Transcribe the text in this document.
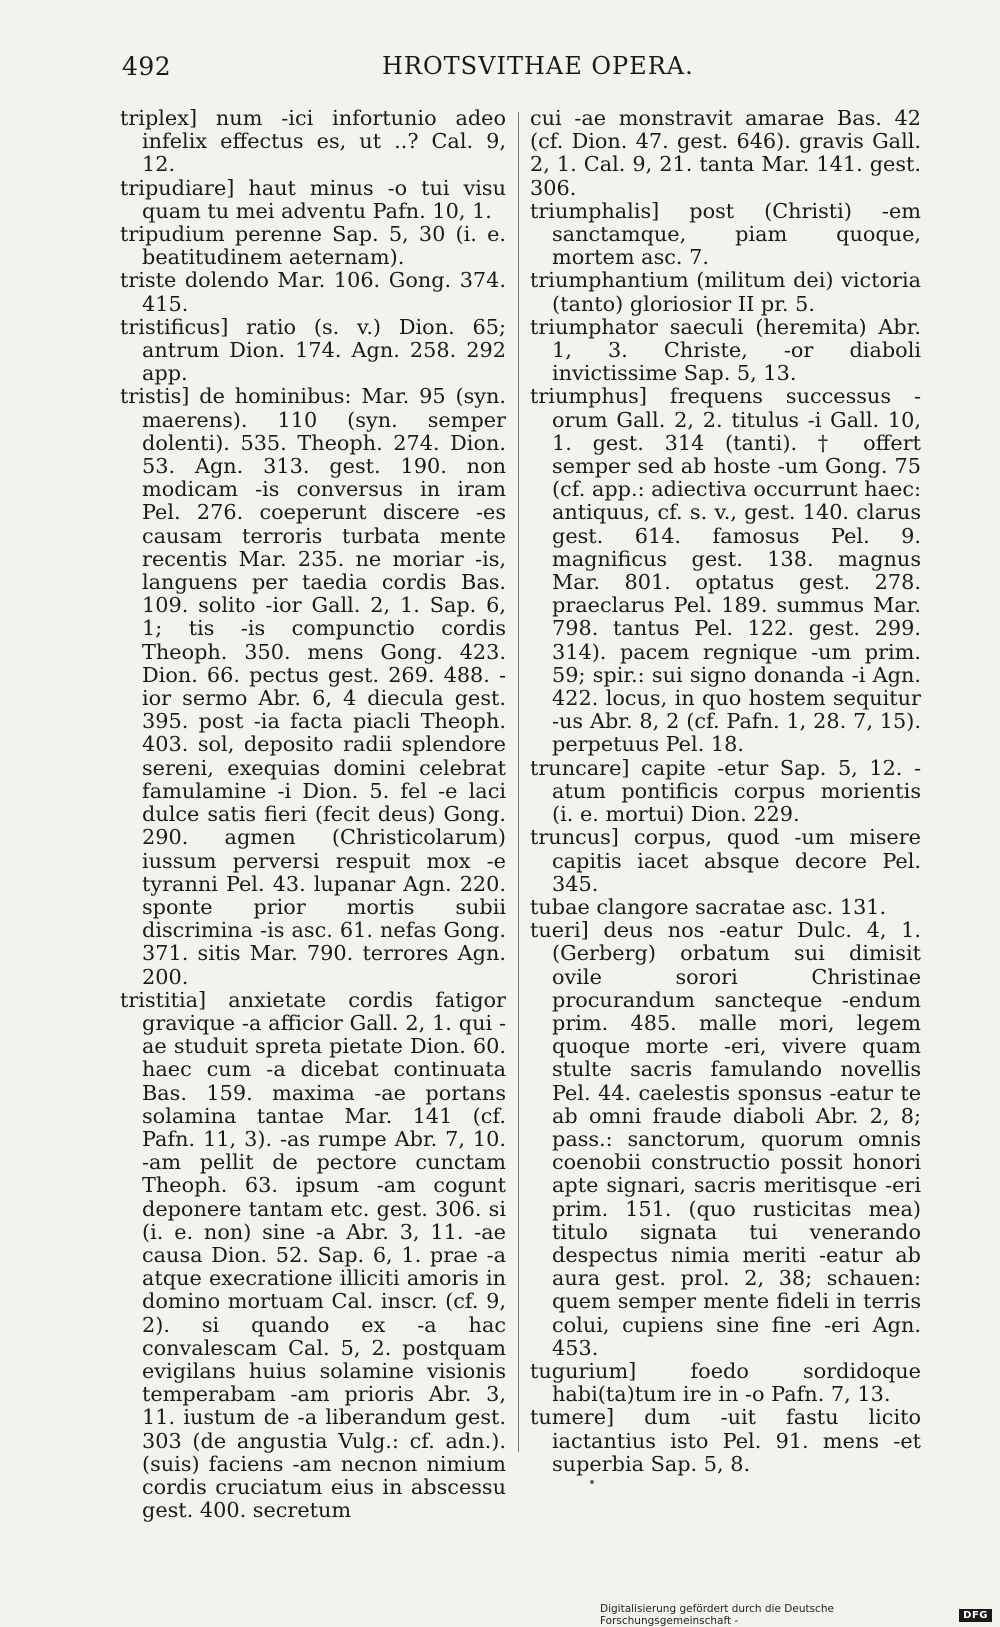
492	HROTSVITHAE OPERA.

triplex] num -ici infortunio adeo infelix effectus es, ut ..? Cal. 9, 12.

tripudiare] haut minus -o tui visu quam tu mei adventu Pafn. 10, 1.

tripudium perenne Sap. 5, 30 (i. e. beatitudinem aeternam).

triste dolendo Mar. 106. Gong. 374. 415.

tristificus] ratio (s. v.) Dion. 65; antrum Dion. 174. Agn. 258. 292 app.

tristis] de hominibus: Mar. 95 (syn. maerens). 110 (syn. semper dolenti). 535. Theoph. 274. Dion. 53. Agn. 313. gest. 190. non modicam -is conversus in iram Pel. 276. coeperunt discere -es causam terroris turbata mente recentis Mar. 235. ne moriar -is, languens per taedia cordis Bas. 109. solito -ior Gall. 2, 1. Sap. 6, 1; tis -is compunctio cordis Theoph. 350. mens Gong. 423. Dion. 66. pectus gest. 269. 488. -ior sermo Abr. 6, 4 diecula gest. 395. post -ia facta piacli Theoph. 403. sol, deposito radii splendore sereni, exequias domini celebrat famulamine -i Dion. 5. fel -e laci dulce satis fieri (fecit deus) Gong. 290. agmen (Christicolarum) iussum perversi respuit mox -e tyranni Pel. 43. lupanar Agn. 220. sponte prior mortis subii discrimina -is asc. 61. nefas Gong. 371. sitis Mar. 790. terrores Agn. 200.

tristitia] anxietate cordis fatigor gravique -a afficior Gall. 2, 1. qui -ae studuit spreta pietate Dion. 60. haec cum -a dicebat continuata Bas. 159. maxima -ae portans solamina tantae Mar. 141 (cf. Pafn. 11, 3). -as rumpe Abr. 7, 10. -am pellit de pectore cunctam Theoph. 63. ipsum -am cogunt deponere tantam etc. gest. 306. si (i. e. non) sine -a Abr. 3, 11. -ae causa Dion. 52. Sap. 6, 1. prae -a atque execratione illiciti amoris in domino mortuam Cal. inscr. (cf. 9, 2). si quando ex -a hac convalescam Cal. 5, 2. postquam evigilans huius solamine visionis temperabam -am prioris Abr. 3, 11. iustum de -a liberandum gest. 303 (de angustia Vulg.: cf. adn.). (suis) faciens -am necnon nimium cordis cruciatum eius in abscessu gest. 400. secretum

cui -ae monstravit amarae Bas. 42 (cf. Dion. 47. gest. 646). gravis Gall. 2, 1. Cal. 9, 21. tanta Mar. 141. gest. 306.

triumphalis] post (Christi) -em sanctamque, piam quoque, mortem asc. 7.

triumphantium (militum dei) victoria (tanto) gloriosior II pr. 5.

triumphator saeculi (heremita) Abr. 1, 3. Christe, -or diaboli invictissime Sap. 5, 13.

triumphus] frequens successus -orum Gall. 2, 2. titulus -i Gall. 10, 1. gest. 314 (tanti). † offert semper sed ab hoste -um Gong. 75 (cf. app.: adiectiva occurrunt haec: antiquus, cf. s. v., gest. 140. clarus gest. 614. famosus Pel. 9. magnificus gest. 138. magnus Mar. 801. optatus gest. 278. praeclarus Pel. 189. summus Mar. 798. tantus Pel. 122. gest. 299. 314). pacem regnique -um prim. 59; spir.: sui signo donanda -i Agn. 422. locus, in quo hostem sequitur -us Abr. 8, 2 (cf. Pafn. 1, 28. 7, 15). perpetuus Pel. 18.

truncare] capite -etur Sap. 5, 12. -atum pontificis corpus morientis (i. e. mortui) Dion. 229.

truncus] corpus, quod -um misere capitis iacet absque decore Pel. 345.

tubae clangore sacratae asc. 131.

tueri] deus nos -eatur Dulc. 4, 1. (Gerberg) orbatum sui dimisit ovile sorori Christinae procurandum sancteque -endum prim. 485. malle mori, legem quoque morte -eri, vivere quam stulte sacris famulando novellis Pel. 44. caelestis sponsus -eatur te ab omni fraude diaboli Abr. 2, 8; pass.: sanctorum, quorum omnis coenobii constructio possit honori apte signari, sacris meritisque -eri prim. 151. (quo rusticitas mea) titulo signata tui venerando despectus nimia meriti -eatur ab aura gest. prol. 2, 38; schauen: quem semper mente fideli in terris colui, cupiens sine fine -eri Agn. 453.

tugurium] foedo sordidoque habi(ta)tum ire in -o Pafn. 7, 13.

tumere] dum -uit fastu licito iactantius isto Pel. 91. mens -et superbia Sap. 5, 8.

Digitalisierung gefördert durch die Deutsche Forschungsgemeinschaft -	DFG
